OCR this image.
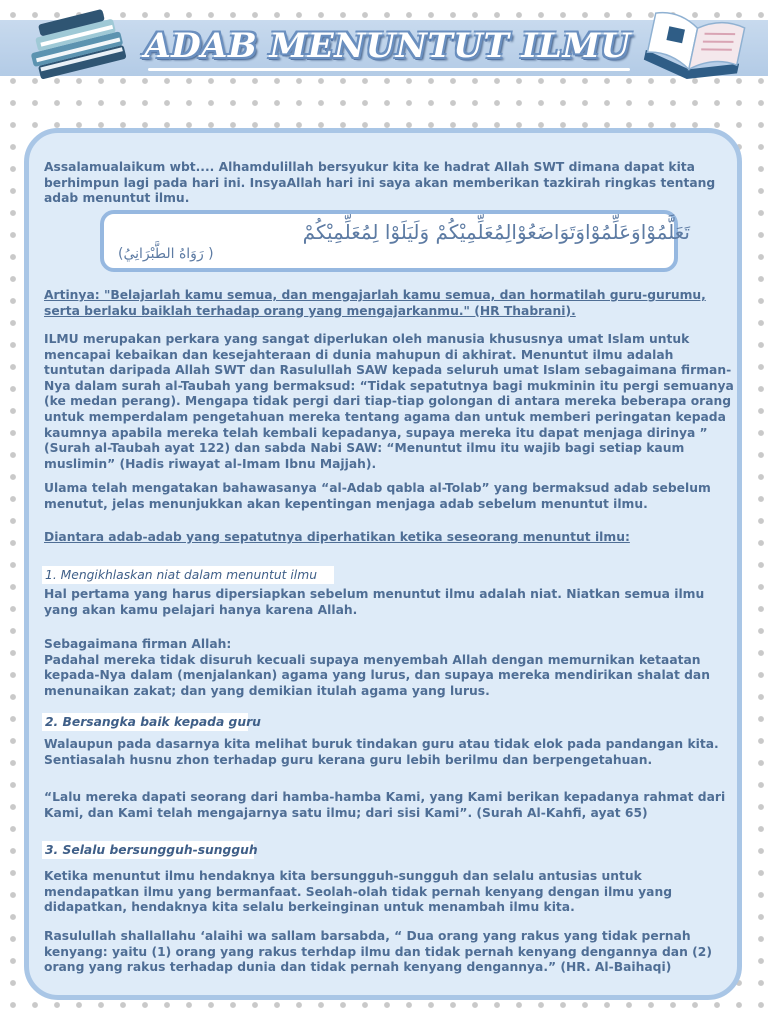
ADAB MENUNTUT ILMU
Assalamualaikum wbt.... Alhamdulillah bersyukur kita ke hadrat Allah SWT dimana dapat kita berhimpun lagi pada hari ini. InsyaAllah hari ini saya akan memberikan tazkirah ringkas tentang adab menuntut ilmu.
تَعَلَّمُوْاوَعَلِّمُوْاوَتَوَاضَعُوْالِمُعَلِّمِيْكُمْ وَلَيَلَوْا لِمُعَلِّمِيْكُمْ
( رَوَاهُ الطَّبْرَانِيُ)
Artinya: "Belajarlah kamu semua, dan mengajarlah kamu semua, dan hormatilah guru-gurumu, serta berlaku baiklah terhadap orang yang mengajarkanmu." (HR Thabrani).
ILMU merupakan perkara yang sangat diperlukan oleh manusia khususnya umat Islam untuk mencapai kebaikan dan kesejahteraan di dunia mahupun di akhirat. Menuntut ilmu adalah tuntutan daripada Allah SWT dan Rasulullah SAW kepada seluruh umat Islam sebagaimana firman-Nya dalam surah al-Taubah yang bermaksud: “Tidak sepatutnya bagi mukminin itu pergi semuanya (ke medan perang). Mengapa tidak pergi dari tiap-tiap golongan di antara mereka beberapa orang untuk memperdalam pengetahuan mereka tentang agama dan untuk memberi peringatan kepada kaumnya apabila mereka telah kembali kepadanya, supaya mereka itu dapat menjaga dirinya ” (Surah al-Taubah ayat 122) dan sabda Nabi SAW: “Menuntut ilmu itu wajib bagi setiap kaum muslimin” (Hadis riwayat al-Imam Ibnu Majjah).
Ulama telah mengatakan bahawasanya “al-Adab qabla al-Tolab” yang bermaksud adab sebelum menutut, jelas menunjukkan akan kepentingan menjaga adab sebelum menuntut ilmu.
Diantara adab-adab yang sepatutnya diperhatikan ketika seseorang menuntut ilmu:
1. Mengikhlaskan niat dalam menuntut ilmu
Hal pertama yang harus dipersiapkan sebelum menuntut ilmu adalah niat. Niatkan semua ilmu yang akan kamu pelajari hanya karena Allah.
Sebagaimana firman Allah:
Padahal mereka tidak disuruh kecuali supaya menyembah Allah dengan memurnikan ketaatan kepada-Nya dalam (menjalankan) agama yang lurus, dan supaya mereka mendirikan shalat dan menunaikan zakat; dan yang demikian itulah agama yang lurus.
2. Bersangka baik kepada guru
Walaupun pada dasarnya kita melihat buruk tindakan guru atau tidak elok pada pandangan kita. Sentiasalah husnu zhon terhadap guru kerana guru lebih berilmu dan berpengetahuan.
“Lalu mereka dapati seorang dari hamba-hamba Kami, yang Kami berikan kepadanya rahmat dari Kami, dan Kami telah mengajarnya satu ilmu; dari sisi Kami”. (Surah Al-Kahfi, ayat 65)
3. Selalu bersungguh-sungguh
Ketika menuntut ilmu hendaknya kita bersungguh-sungguh dan selalu antusias untuk mendapatkan ilmu yang bermanfaat. Seolah-olah tidak pernah kenyang dengan ilmu yang didapatkan, hendaknya kita selalu berkeinginan untuk menambah ilmu kita.
Rasulullah shallallahu ‘alaihi wa sallam barsabda, “ Dua orang yang rakus yang tidak pernah kenyang: yaitu (1) orang yang rakus terhdap ilmu dan tidak pernah kenyang dengannya dan (2) orang yang rakus terhadap dunia dan tidak pernah kenyang dengannya.” (HR. Al-Baihaqi)
